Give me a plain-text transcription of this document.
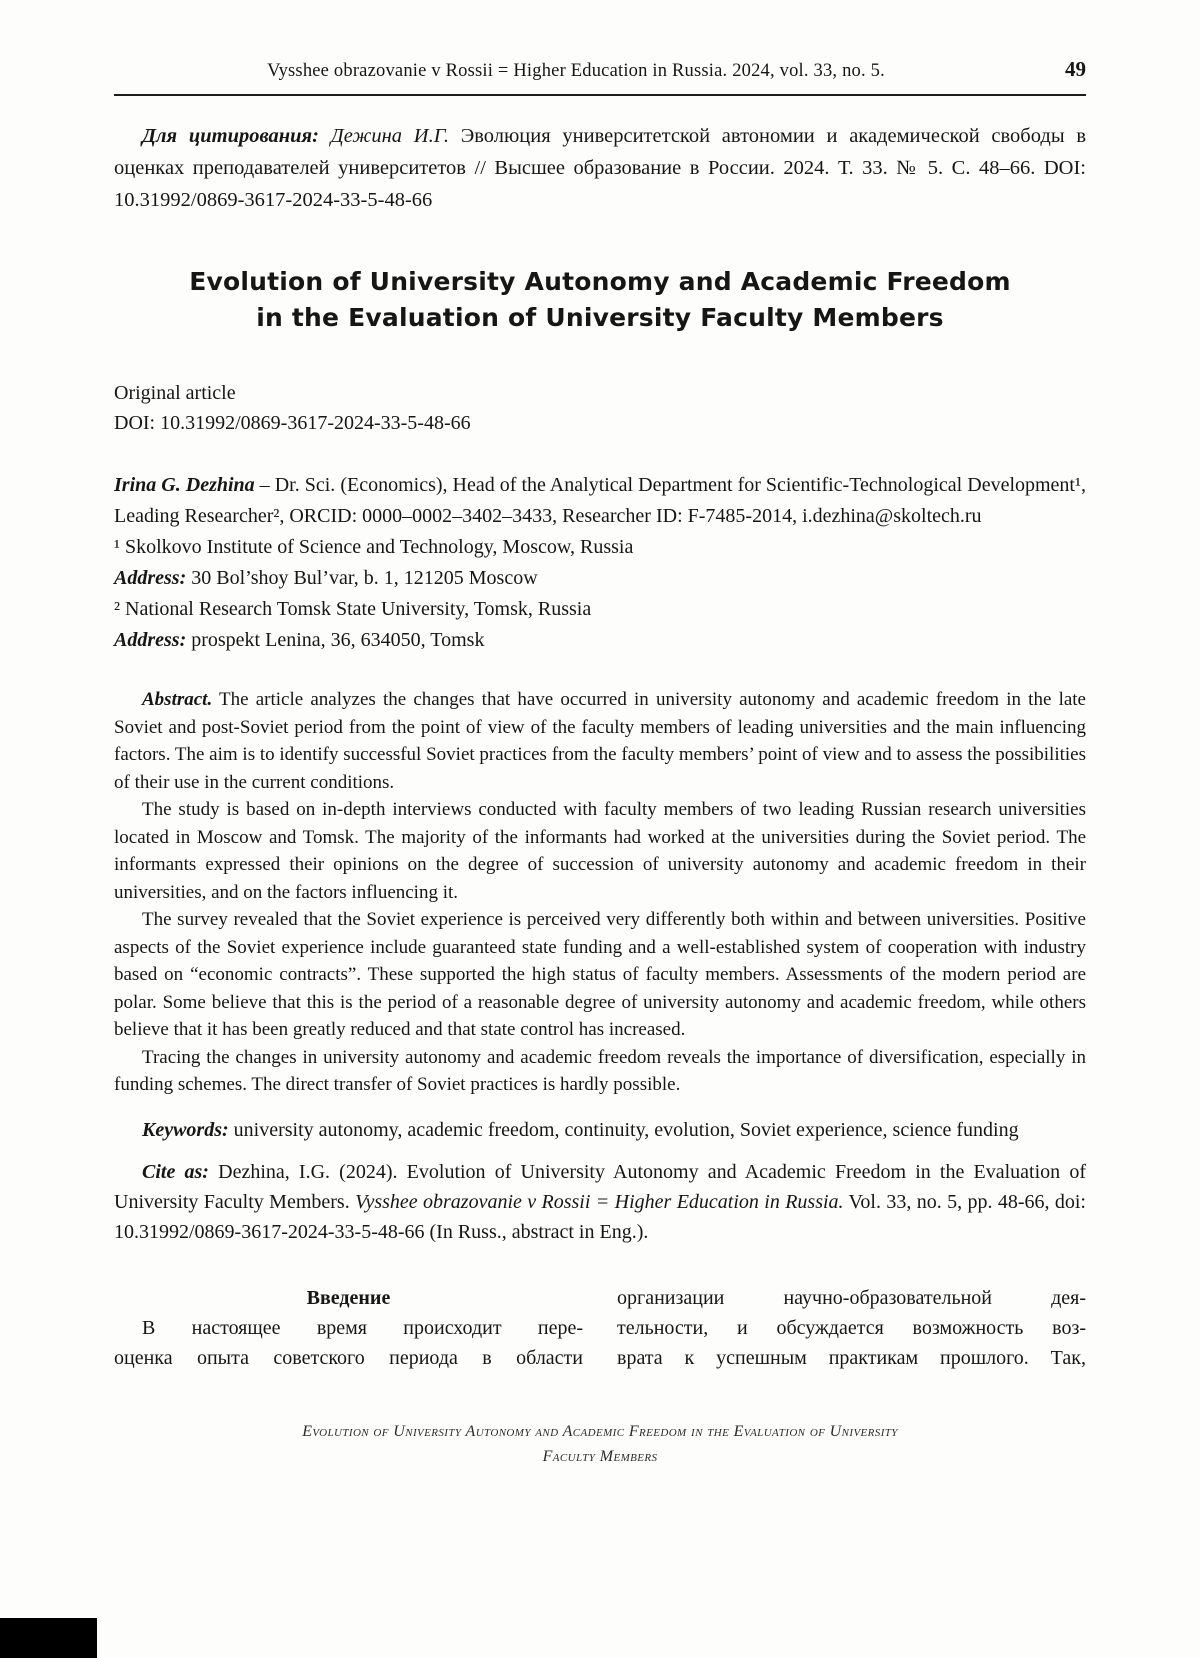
Vysshee obrazovanie v Rossii = Higher Education in Russia. 2024, vol. 33, no. 5.	49

Для цитирования: Дежина И.Г. Эволюция университетской автономии и академической свободы в оценках преподавателей университетов // Высшее образование в России. 2024. Т. 33. № 5. С. 48–66. DOI: 10.31992/0869-3617-2024-33-5-48-66

Evolution of University Autonomy and Academic Freedom
in the Evaluation of University Faculty Members
Original article
DOI: 10.31992/0869-3617-2024-33-5-48-66
Irina G. Dezhina – Dr. Sci. (Economics), Head of the Analytical Department for Scientific-Technological Development¹, Leading Researcher², ORCID: 0000–0002–3402–3433, Researcher ID: F-7485-2014, i.dezhina@skoltech.ru
¹ Skolkovo Institute of Science and Technology, Moscow, Russia
Address: 30 Bol’shoy Bul’var, b. 1, 121205 Moscow
² National Research Tomsk State University, Tomsk, Russia
Address: prospekt Lenina, 36, 634050, Tomsk

Abstract. The article analyzes the changes that have occurred in university autonomy and academic freedom in the late Soviet and post-Soviet period from the point of view of the faculty members of leading universities and the main influencing factors. The aim is to identify successful Soviet practices from the faculty members’ point of view and to assess the possibilities of their use in the current conditions.

The study is based on in-depth interviews conducted with faculty members of two leading Russian research universities located in Moscow and Tomsk. The majority of the informants had worked at the universities during the Soviet period. The informants expressed their opinions on the degree of succession of university autonomy and academic freedom in their universities, and on the factors influencing it.

The survey revealed that the Soviet experience is perceived very differently both within and between universities. Positive aspects of the Soviet experience include guaranteed state funding and a well-established system of cooperation with industry based on “economic contracts”. These supported the high status of faculty members. Assessments of the modern period are polar. Some believe that this is the period of a reasonable degree of university autonomy and academic freedom, while others believe that it has been greatly reduced and that state control has increased.

Tracing the changes in university autonomy and academic freedom reveals the importance of diversification, especially in funding schemes. The direct transfer of Soviet practices is hardly possible.

Keywords: university autonomy, academic freedom, continuity, evolution, Soviet experience, science funding

Cite as: Dezhina, I.G. (2024). Evolution of University Autonomy and Academic Freedom in the Evaluation of University Faculty Members. Vysshee obrazovanie v Rossii = Higher Education in Russia. Vol. 33, no. 5, pp. 48-66, doi: 10.31992/0869-3617-2024-33-5-48-66 (In Russ., abstract in Eng.).

Введение
В настоящее время происходит пере-
оценка опыта советского периода в области
организации научно-образовательной дея-
тельности, и обсуждается возможность воз-
врата к успешным практикам прошлого. Так,
Evolution of University Autonomy and Academic Freedom in the Evaluation of University
Faculty Members
